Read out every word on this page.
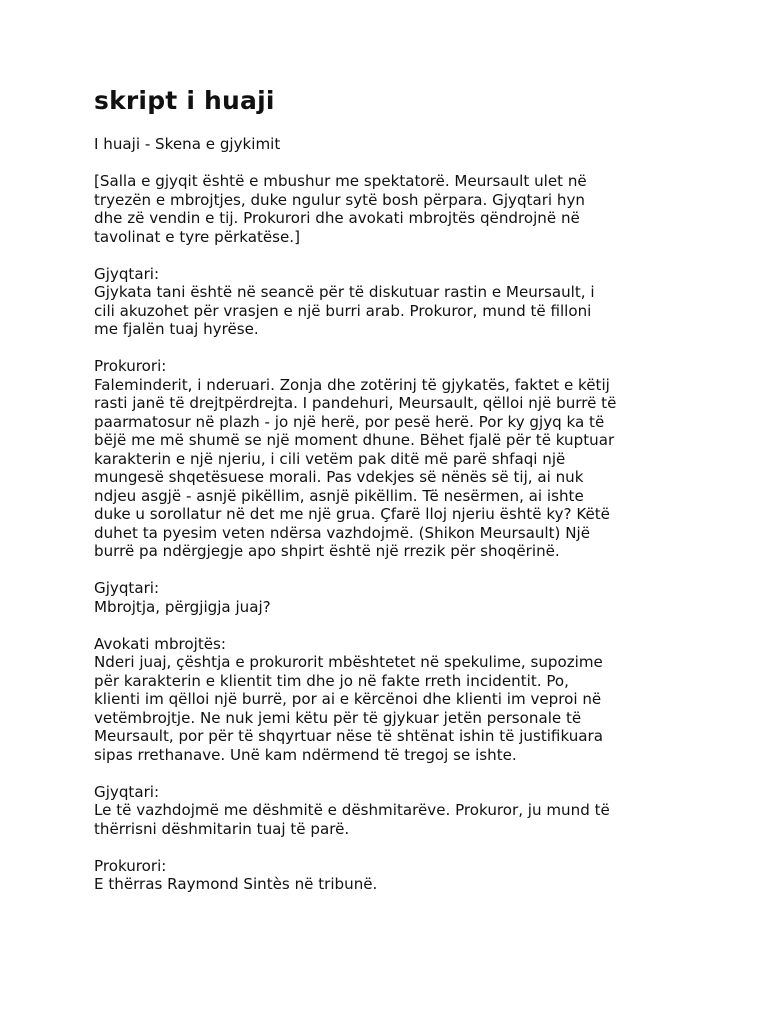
skript i huaji

I huaji - Skena e gjykimit

[Salla e gjyqit është e mbushur me spektatorë. Meursault ulet në

tryezën e mbrojtjes, duke ngulur sytë bosh përpara. Gjyqtari hyn

dhe zë vendin e tij. Prokurori dhe avokati mbrojtës qëndrojnë në

tavolinat e tyre përkatëse.]

Gjyqtari:

Gjykata tani është në seancë për të diskutuar rastin e Meursault, i

cili akuzohet për vrasjen e një burri arab. Prokuror, mund të filloni

me fjalën tuaj hyrëse.

Prokurori:

Faleminderit, i nderuari. Zonja dhe zotërinj të gjykatës, faktet e këtij

rasti janë të drejtpërdrejta. I pandehuri, Meursault, qëlloi një burrë të

paarmatosur në plazh - jo një herë, por pesë herë. Por ky gjyq ka të

bëjë me më shumë se një moment dhune. Bëhet fjalë për të kuptuar

karakterin e një njeriu, i cili vetëm pak ditë më parë shfaqi një

mungesë shqetësuese morali. Pas vdekjes së nënës së tij, ai nuk

ndjeu asgjë - asnjë pikëllim, asnjë pikëllim. Të nesërmen, ai ishte

duke u sorollatur në det me një grua. Çfarë lloj njeriu është ky? Këtë

duhet ta pyesim veten ndërsa vazhdojmë. (Shikon Meursault) Një

burrë pa ndërgjegje apo shpirt është një rrezik për shoqërinë.

Gjyqtari:

Mbrojtja, përgjigja juaj?

Avokati mbrojtës:

Nderi juaj, çështja e prokurorit mbështetet në spekulime, supozime

për karakterin e klientit tim dhe jo në fakte rreth incidentit. Po,

klienti im qëlloi një burrë, por ai e kërcënoi dhe klienti im veproi në

vetëmbrojtje. Ne nuk jemi këtu për të gjykuar jetën personale të

Meursault, por për të shqyrtuar nëse të shtënat ishin të justifikuara

sipas rrethanave. Unë kam ndërmend të tregoj se ishte.

Gjyqtari:

Le të vazhdojmë me dëshmitë e dëshmitarëve. Prokuror, ju mund të

thërrisni dëshmitarin tuaj të parë.

Prokurori:

E thërras Raymond Sintès në tribunë.
